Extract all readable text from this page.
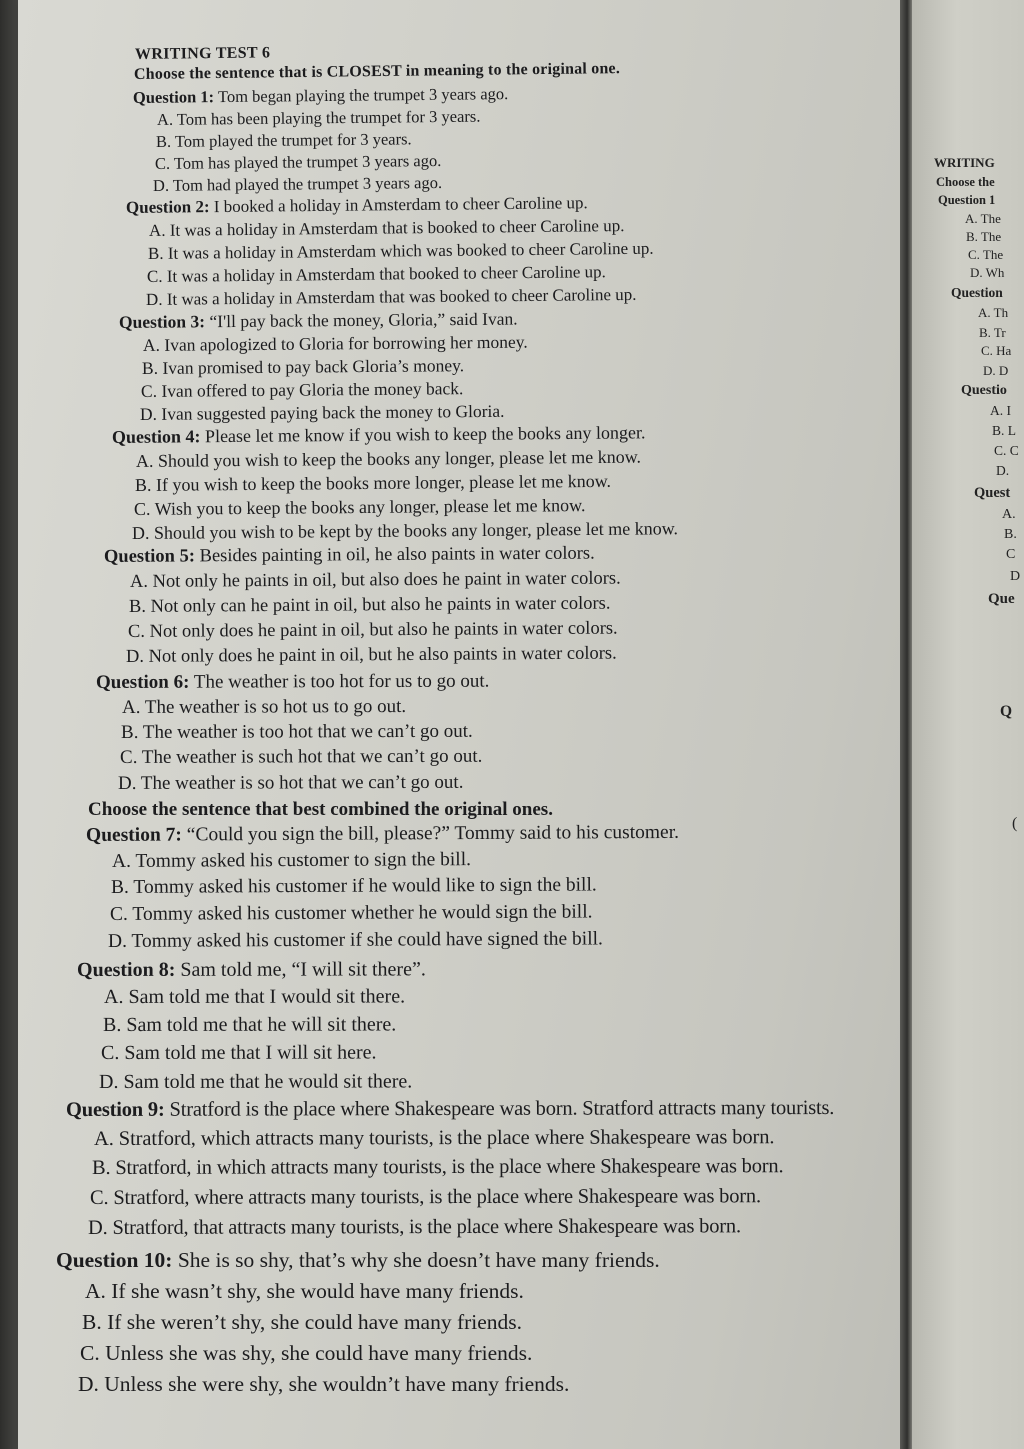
WRITING TEST 6
Choose the sentence that is CLOSEST in meaning to the original one.
Choose the sentence that best combined the original ones.
Question 1: Tom began playing the trumpet 3 years ago.
A. Tom has been playing the trumpet for 3 years.
B. Tom played the trumpet for 3 years.
C. Tom has played the trumpet 3 years ago.
D. Tom had played the trumpet 3 years ago.
Question 2: I booked a holiday in Amsterdam to cheer Caroline up.
A. It was a holiday in Amsterdam that is booked to cheer Caroline up.
B. It was a holiday in Amsterdam which was booked to cheer Caroline up.
C. It was a holiday in Amsterdam that booked to cheer Caroline up.
D. It was a holiday in Amsterdam that was booked to cheer Caroline up.
Question 3: “I'll pay back the money, Gloria,” said Ivan.
A. Ivan apologized to Gloria for borrowing her money.
B. Ivan promised to pay back Gloria’s money.
C. Ivan offered to pay Gloria the money back.
D. Ivan suggested paying back the money to Gloria.
Question 4: Please let me know if you wish to keep the books any longer.
A. Should you wish to keep the books any longer, please let me know.
B. If you wish to keep the books more longer, please let me know.
C. Wish you to keep the books any longer, please let me know.
D. Should you wish to be kept by the books any longer, please let me know.
Question 5: Besides painting in oil, he also paints in water colors.
A. Not only he paints in oil, but also does he paint in water colors.
B. Not only can he paint in oil, but also he paints in water colors.
C. Not only does he paint in oil, but also he paints in water colors.
D. Not only does he paint in oil, but he also paints in water colors.
Question 6: The weather is too hot for us to go out.
A. The weather is so hot us to go out.
B. The weather is too hot that we can’t go out.
C. The weather is such hot that we can’t go out.
D. The weather is so hot that we can’t go out.
Question 7: “Could you sign the bill, please?” Tommy said to his customer.
A. Tommy asked his customer to sign the bill.
B. Tommy asked his customer if he would like to sign the bill.
C. Tommy asked his customer whether he would sign the bill.
D. Tommy asked his customer if she could have signed the bill.
Question 8: Sam told me, “I will sit there”.
A. Sam told me that I would sit there.
B. Sam told me that he will sit there.
C. Sam told me that I will sit here.
D. Sam told me that he would sit there.
Question 9: Stratford is the place where Shakespeare was born. Stratford attracts many tourists.
A. Stratford, which attracts many tourists, is the place where Shakespeare was born.
B. Stratford, in which attracts many tourists, is the place where Shakespeare was born.
C. Stratford, where attracts many tourists, is the place where Shakespeare was born.
D. Stratford, that attracts many tourists, is the place where Shakespeare was born.
Question 10: She is so shy, that’s why she doesn’t have many friends.
A. If she wasn’t shy, she would have many friends.
B. If she weren’t shy, she could have many friends.
C. Unless she was shy, she could have many friends.
D. Unless she were shy, she wouldn’t have many friends.
WRITING
Choose the
Question 1
A. The
B. The
C. The
D. Wh
Question
A. Th
B. Tr
C. Ha
D. D
Questio
A. I
B. L
C. C
D.
Quest
A.
B.
C
D
Que
Q
(
